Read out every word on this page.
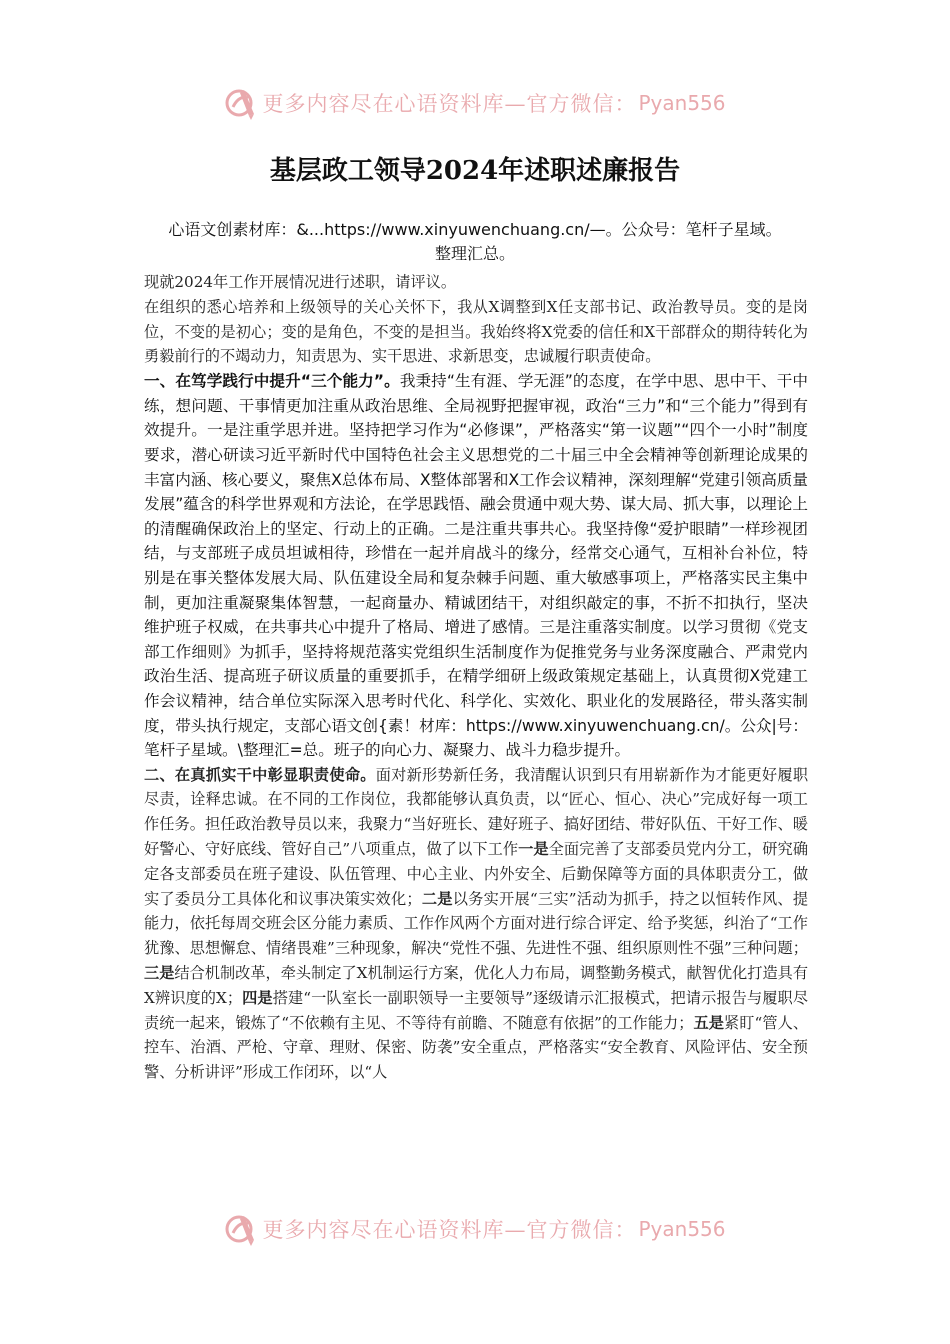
更多内容尽在心语资料库—官方微信： Pyan556
基层政工领导2024年述职述廉报告
心语文创素材库：&...https://www.xinyuwenchuang.cn/—。公众号：笔杆子星域。
整理汇总。

现就2024年工作开展情况进行述职，请评议。

在组织的悉心培养和上级领导的关心关怀下，我从X调整到X任支部书记、政治教导员。变的是岗位，不变的是初心；变的是角色，不变的是担当。我始终将X党委的信任和X干部群众的期待转化为勇毅前行的不竭动力，知责思为、实干思进、求新思变，忠诚履行职责使命。

一、在笃学践行中提升“三个能力”。我秉持“生有涯、学无涯”的态度，在学中思、思中干、干中练，想问题、干事情更加注重从政治思维、全局视野把握审视，政治“三力”和“三个能力”得到有效提升。一是注重学思并进。坚持把学习作为“必修课”，严格落实“第一议题”“四个一小时”制度要求，潜心研读习近平新时代中国特色社会主义思想党的二十届三中全会精神等创新理论成果的丰富内涵、核心要义，聚焦X总体布局、X整体部署和X工作会议精神，深刻理解“党建引领高质量发展”蕴含的科学世界观和方法论，在学思践悟、融会贯通中观大势、谋大局、抓大事，以理论上的清醒确保政治上的坚定、行动上的正确。二是注重共事共心。我坚持像“爱护眼睛”一样珍视团结，与支部班子成员坦诚相待，珍惜在一起并肩战斗的缘分，经常交心通气，互相补台补位，特别是在事关整体发展大局、队伍建设全局和复杂棘手问题、重大敏感事项上，严格落实民主集中制，更加注重凝聚集体智慧，一起商量办、精诚团结干，对组织敲定的事，不折不扣执行，坚决维护班子权威，在共事共心中提升了格局、增进了感情。三是注重落实制度。以学习贯彻《党支部工作细则》为抓手，坚持将规范落实党组织生活制度作为促推党务与业务深度融合、严肃党内政治生活、提高班子研议质量的重要抓手，在精学细研上级政策规定基础上，认真贯彻X党建工作会议精神，结合单位实际深入思考时代化、科学化、实效化、职业化的发展路径，带头落实制度，带头执行规定，支部心语文创{素！材库：https://www.xinyuwenchuang.cn/。公众|号：笔杆子星域。\整理汇=总。班子的向心力、凝聚力、战斗力稳步提升。

二、在真抓实干中彰显职责使命。面对新形势新任务，我清醒认识到只有用崭新作为才能更好履职尽责，诠释忠诚。在不同的工作岗位，我都能够认真负责，以“匠心、恒心、决心”完成好每一项工作任务。担任政治教导员以来，我聚力“当好班长、建好班子、搞好团结、带好队伍、干好工作、暖好警心、守好底线、管好自己”八项重点，做了以下工作一是全面完善了支部委员党内分工，研究确定各支部委员在班子建设、队伍管理、中心主业、内外安全、后勤保障等方面的具体职责分工，做实了委员分工具体化和议事决策实效化；二是以务实开展“三实”活动为抓手，持之以恒转作风、提能力，依托每周交班会区分能力素质、工作作风两个方面对进行综合评定、给予奖惩，纠治了“工作犹豫、思想懈怠、情绪畏难”三种现象，解决“党性不强、先进性不强、组织原则性不强”三种问题；三是结合机制改革，牵头制定了X机制运行方案，优化人力布局，调整勤务模式，献智优化打造具有X辨识度的X；四是搭建“一队室长一副职领导一主要领导”逐级请示汇报模式，把请示报告与履职尽责统一起来，锻炼了“不依赖有主见、不等待有前瞻、不随意有依据”的工作能力；五是紧盯“管人、控车、治酒、严枪、守章、理财、保密、防袭”安全重点，严格落实“安全教育、风险评估、安全预警、分析讲评”形成工作闭环，以“人

更多内容尽在心语资料库—官方微信： Pyan556
